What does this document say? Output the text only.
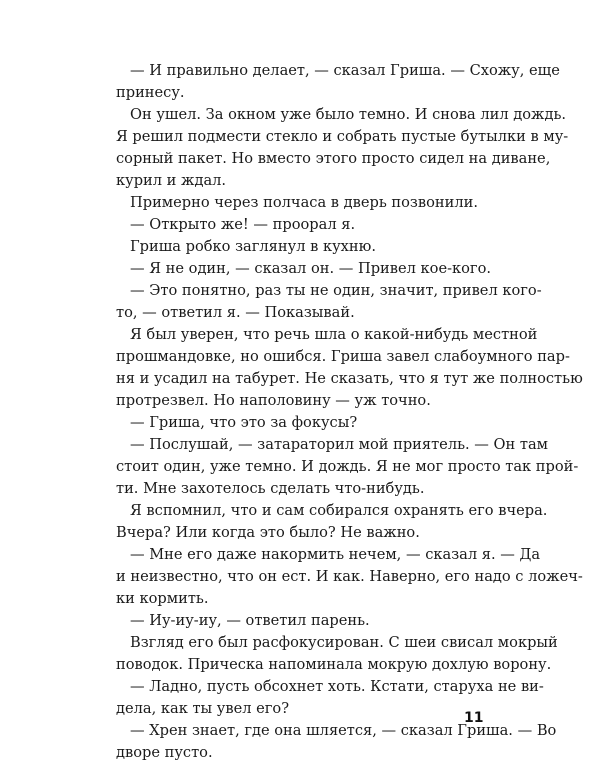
— И правильно делает, — сказал Гриша. — Схожу, еще
принесу.
Он ушел. За окном уже было темно. И снова лил дождь.
Я решил подмести стекло и собрать пустые бутылки в му-
сорный пакет. Но вместо этого просто сидел на диване,
курил и ждал.
Примерно через полчаса в дверь позвонили.
— Открыто же! — проорал я.
Гриша робко заглянул в кухню.
— Я не один, — сказал он. — Привел кое-кого.
— Это понятно, раз ты не один, значит, привел кого-
то, — ответил я. — Показывай.
Я был уверен, что речь шла о какой-нибудь местной
прошмандовке, но ошибся. Гриша завел слабоумного пар-
ня и усадил на табурет. Не сказать, что я тут же полностью
протрезвел. Но наполовину — уж точно.
— Гриша, что это за фокусы?
— Послушай, — затараторил мой приятель. — Он там
стоит один, уже темно. И дождь. Я не мог просто так прой-
ти. Мне захотелось сделать что-нибудь.
Я вспомнил, что и сам собирался охранять его вчера.
Вчера? Или когда это было? Не важно.
— Мне его даже накормить нечем, — сказал я. — Да
и неизвестно, что он ест. И как. Наверно, его надо с ложеч-
ки кормить.
— Иу-иу-иу, — ответил парень.
Взгляд его был расфокусирован. С шеи свисал мокрый
поводок. Прическа напоминала мокрую дохлую ворону.
— Ладно, пусть обсохнет хоть. Кстати, старуха не ви-
дела, как ты увел его?
— Хрен знает, где она шляется, — сказал Гриша. — Во
дворе пусто.
11
